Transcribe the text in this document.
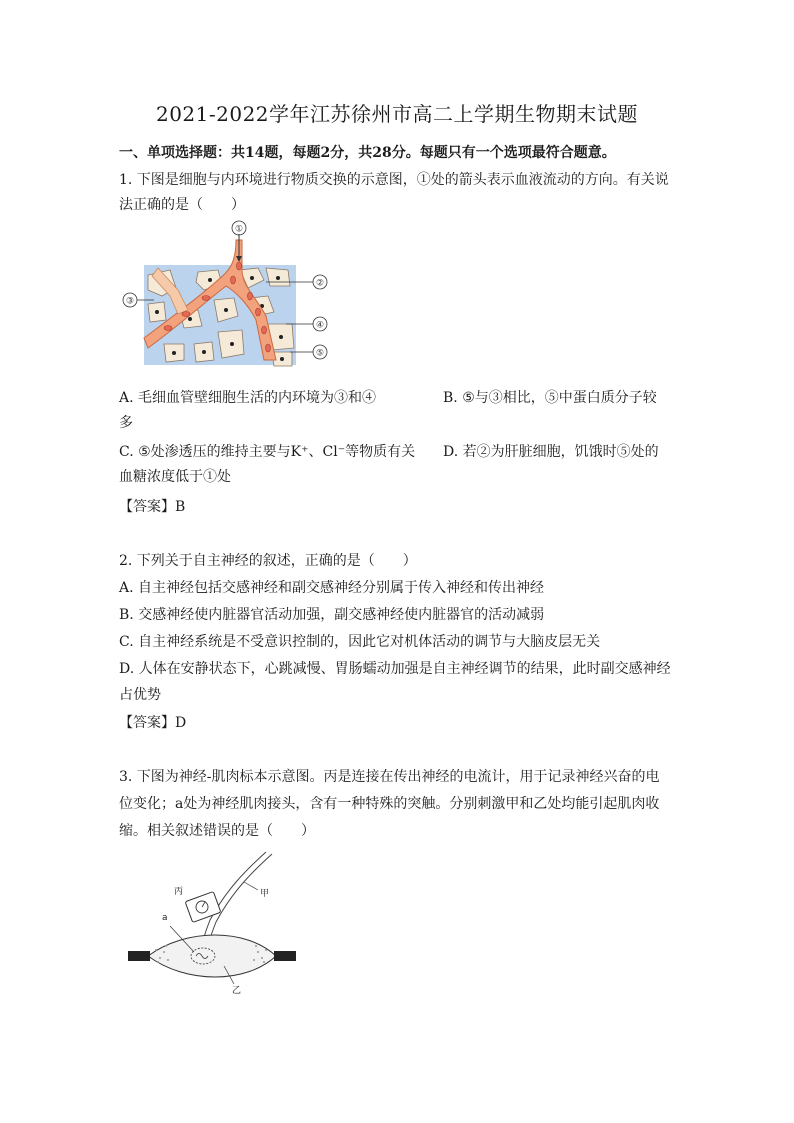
2021-2022学年江苏徐州市高二上学期生物期末试题
一、单项选择题：共14题，每题2分，共28分。每题只有一个选项最符合题意。
1. 下图是细胞与内环境进行物质交换的示意图，①处的箭头表示血液流动的方向。有关说
法正确的是（　　）
①
②
③
④
⑤
A. 毛细血管壁细胞生活的内环境为③和④	B. ⑤与③相比，⑤中蛋白质分子较
多
C. ⑤处渗透压的维持主要与K⁺、Cl⁻等物质有关 D. 若②为肝脏细胞，饥饿时⑤处的
血糖浓度低于①处
【答案】B
2. 下列关于自主神经的叙述，正确的是（　　）
A. 自主神经包括交感神经和副交感神经分别属于传入神经和传出神经
B. 交感神经使内脏器官活动加强，副交感神经使内脏器官的活动减弱
C. 自主神经系统是不受意识控制的，因此它对机体活动的调节与大脑皮层无关
D. 人体在安静状态下，心跳减慢、胃肠蠕动加强是自主神经调节的结果，此时副交感神经
占优势
【答案】D
3. 下图为神经-肌肉标本示意图。丙是连接在传出神经的电流计，用于记录神经兴奋的电
位变化；a处为神经肌肉接头，含有一种特殊的突触。分别刺激甲和乙处均能引起肌肉收
缩。相关叙述错误的是（　　）
丙	甲
a
乙
